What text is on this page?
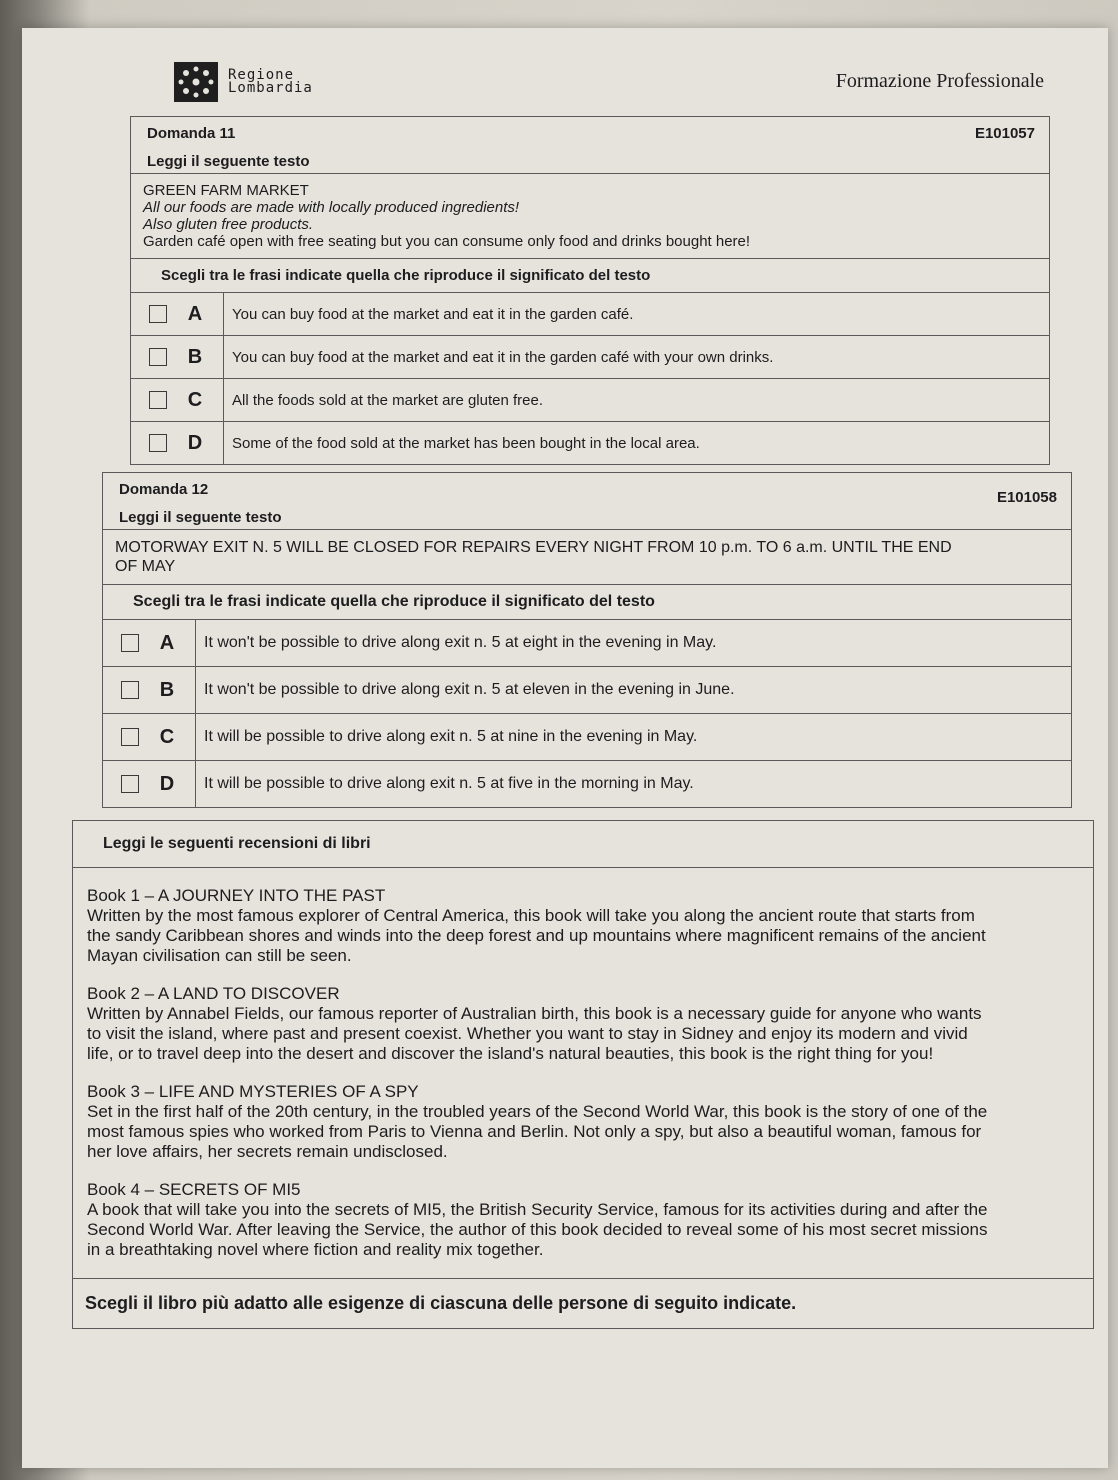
Regione
Lombardia	Formazione Professionale
Domanda 11	E101057
Leggi il seguente testo
GREEN FARM MARKET
All our foods are made with locally produced ingredients!
Also gluten free products.
Garden café open with free seating but you can consume only food and drinks bought here!
Scegli tra le frasi indicate quella che riproduce il significato del testo
A	You can buy food at the market and eat it in the garden café.
B	You can buy food at the market and eat it in the garden café with your own drinks.
C	All the foods sold at the market are gluten free.
D	Some of the food sold at the market has been bought in the local area.
Domanda 12	E101058
Leggi il seguente testo
MOTORWAY EXIT N. 5 WILL BE CLOSED FOR REPAIRS EVERY NIGHT FROM 10 p.m. TO 6 a.m. UNTIL THE END
OF MAY
Scegli tra le frasi indicate quella che riproduce il significato del testo
A	It won't be possible to drive along exit n. 5 at eight in the evening in May.
B	It won't be possible to drive along exit n. 5 at eleven in the evening in June.
C	It will be possible to drive along exit n. 5 at nine in the evening in May.
D	It will be possible to drive along exit n. 5 at five in the morning in May.
Leggi le seguenti recensioni di libri
Book 1 – A JOURNEY INTO THE PAST
Written by the most famous explorer of Central America, this book will take you along the ancient route that starts from
the sandy Caribbean shores and winds into the deep forest and up mountains where magnificent remains of the ancient
Mayan civilisation can still be seen.
Book 2 – A LAND TO DISCOVER
Written by Annabel Fields, our famous reporter of Australian birth, this book is a necessary guide for anyone who wants
to visit the island, where past and present coexist. Whether you want to stay in Sidney and enjoy its modern and vivid
life, or to travel deep into the desert and discover the island's natural beauties, this book is the right thing for you!
Book 3 – LIFE AND MYSTERIES OF A SPY
Set in the first half of the 20th century, in the troubled years of the Second World War, this book is the story of one of the
most famous spies who worked from Paris to Vienna and Berlin. Not only a spy, but also a beautiful woman, famous for
her love affairs, her secrets remain undisclosed.
Book 4 – SECRETS OF MI5
A book that will take you into the secrets of MI5, the British Security Service, famous for its activities during and after the
Second World War. After leaving the Service, the author of this book decided to reveal some of his most secret missions
in a breathtaking novel where fiction and reality mix together.
Scegli il libro più adatto alle esigenze di ciascuna delle persone di seguito indicate.
